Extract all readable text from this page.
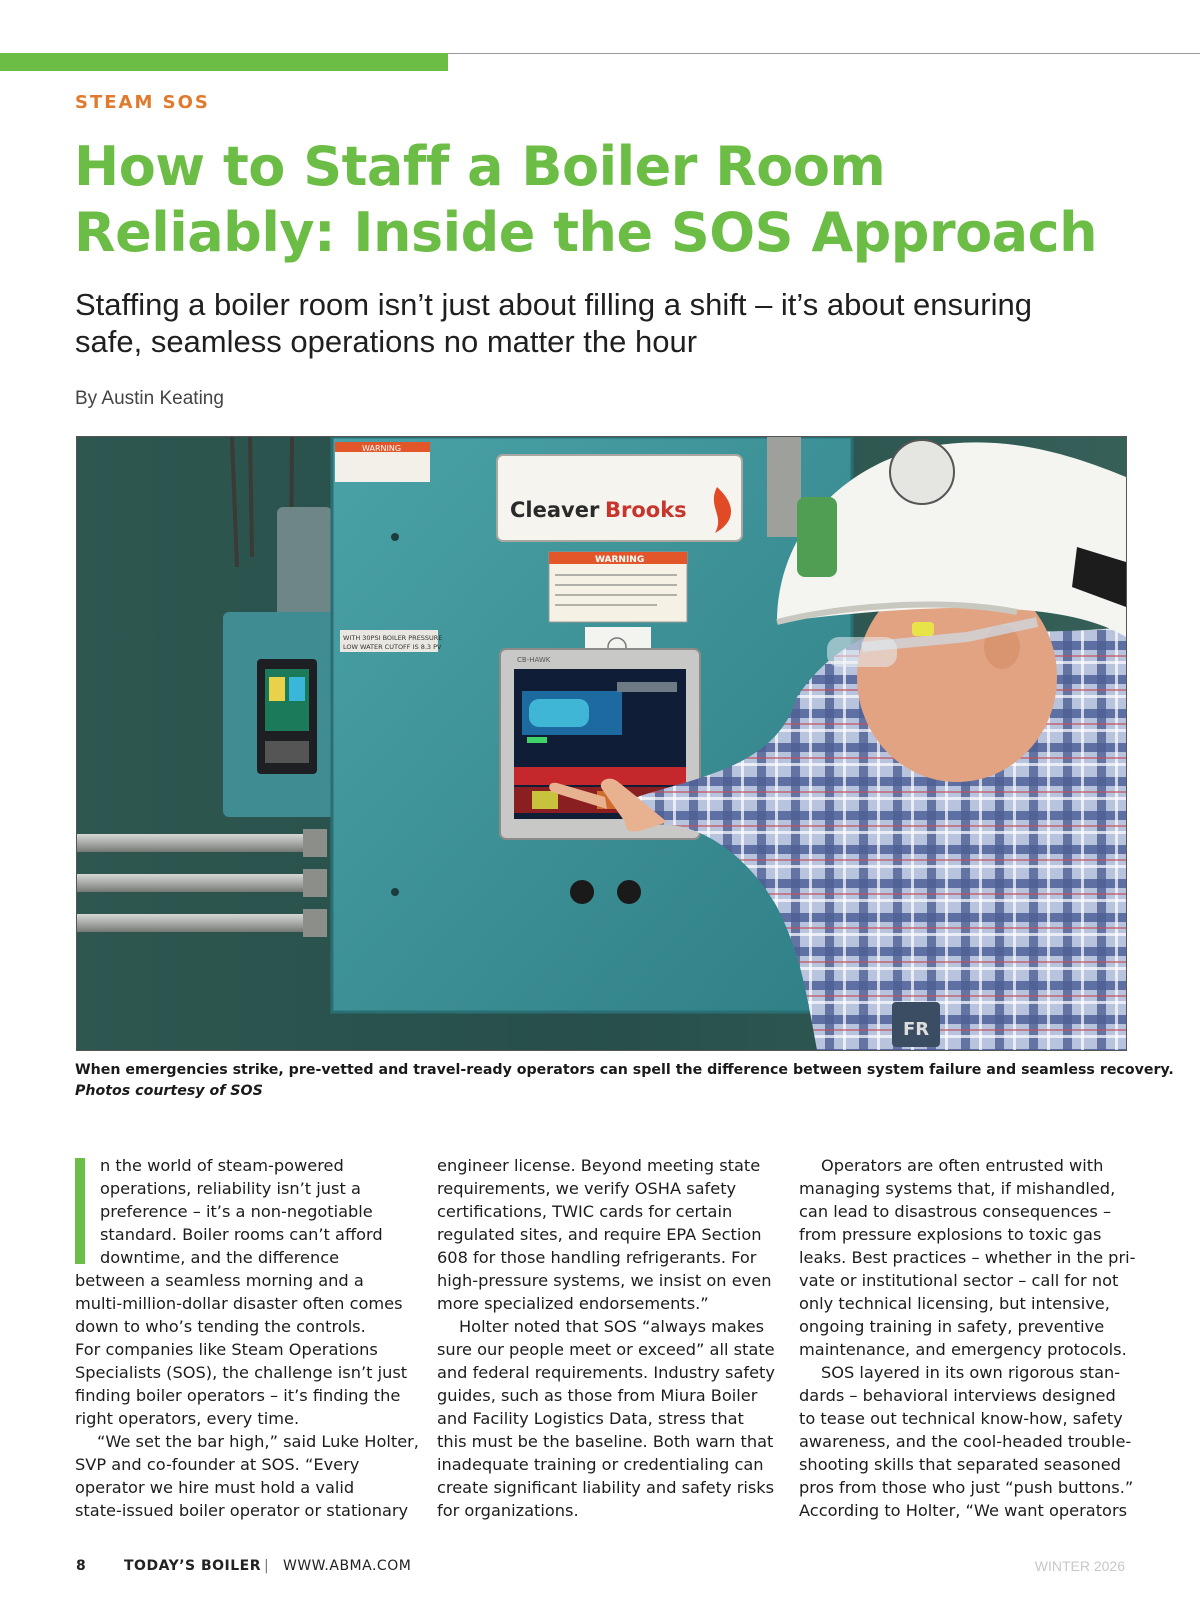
STEAM SOS
How to Staff a Boiler Room
Reliably: Inside the SOS Approach
Staffing a boiler room isn’t just about filling a shift – it’s about ensuring
safe, seamless operations no matter the hour
By Austin Keating
WARNING
Cleaver Brooks
WARNING
WITH 30PSI BOILER PRESSURE
LOW WATER CUTOFF IS 8.3 PV
CB-HAWK
FR
When emergencies strike, pre-vetted and travel-ready operators can spell the difference between system failure and seamless recovery.
Photos courtesy of SOS
n the world of steam-powered
operations, reliability isn’t just a
preference – it’s a non-negotiable
standard. Boiler rooms can’t afford
downtime, and the difference
between a seamless morning and a
multi-million-dollar disaster often comes
down to who’s tending the controls.
For companies like Steam Operations
Specialists (SOS), the challenge isn’t just
finding boiler operators – it’s finding the
right operators, every time.
“We set the bar high,” said Luke Holter,
SVP and co-founder at SOS. “Every
operator we hire must hold a valid
state-issued boiler operator or stationary
engineer license. Beyond meeting state
requirements, we verify OSHA safety
certifications, TWIC cards for certain
regulated sites, and require EPA Section
608 for those handling refrigerants. For
high-pressure systems, we insist on even
more specialized endorsements.”
Holter noted that SOS “always makes
sure our people meet or exceed” all state
and federal requirements. Industry safety
guides, such as those from Miura Boiler
and Facility Logistics Data, stress that
this must be the baseline. Both warn that
inadequate training or credentialing can
create significant liability and safety risks
for organizations.
Operators are often entrusted with
managing systems that, if mishandled,
can lead to disastrous consequences –
from pressure explosions to toxic gas
leaks. Best practices – whether in the pri-
vate or institutional sector – call for not
only technical licensing, but intensive,
ongoing training in safety, preventive
maintenance, and emergency protocols.
SOS layered in its own rigorous stan-
dards – behavioral interviews designed
to tease out technical know-how, safety
awareness, and the cool-headed trouble-
shooting skills that separated seasoned
pros from those who just “push buttons.”
According to Holter, “We want operators
8	TODAY’S BOILER | WWW.ABMA.COM	WINTER 2026
